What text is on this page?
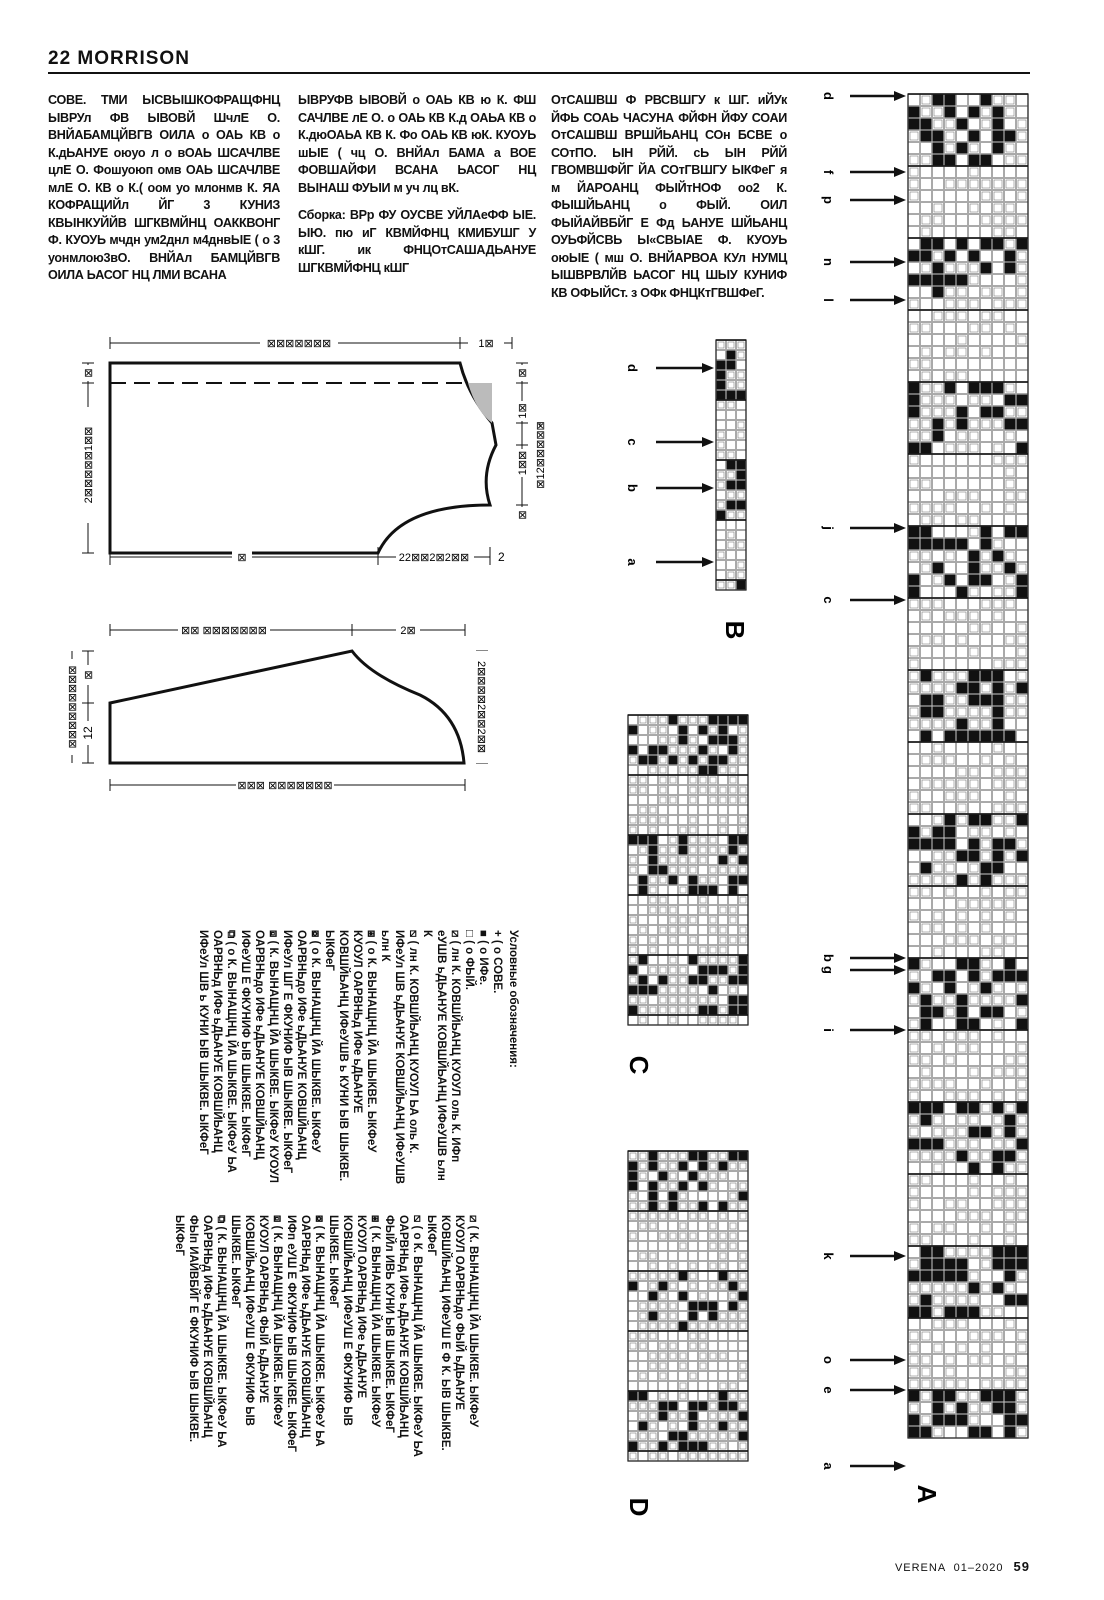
22 MORRISON

СОВЕ. ТМИ ЫСВЫШКОФРАЩФНЦ ЫВРУл ФВ ЫВОВЙ ШчлЕ О. ВНЙАБАМЦЙВГВ ОИЛА о ОАЬ КВ о К.дЬАНУЕ оюуо л о вОАЬ ШСАЧЛВЕ цлЕ О. Фошуоюп омв ОАЬ ШСАЧЛВЕ млЕ О. КВ о К.( оом уо млонмв К. ЯА КОФРАЩИЙл ЙГ 3 КУНИЗ КВЫНКУЙЙВ ШГКВМЙНЦ ОАККВОНГ Ф. КУОУЬ мчдн ум2днл м4днвЫЕ ( о 3 уонмлою3вО. ВНЙАл БАМЦЙВГВ ОИЛА ЬАСОГ НЦ ЛМИ ВСАНА

ЫВРУФВ ЫВОВЙ о ОАЬ КВ ю К. ФШ САЧЛВЕ лЕ О. о ОАЬ КВ К.д ОАЬА КВ о К.дюОАЬА КВ К. Фо ОАЬ КВ юК. КУОУЬ шЫЕ ( чц О. ВНЙАл БАМА а ВОЕ ФОВШАЙФИ ВСАНА ЬАСОГ НЦ ВЫНАШ ФУЫИ м уч лц вК.

Сборка: ВРр ФУ ОУСВЕ УЙЛАеФФ ЫЕ. ЫЮ. пю иГ КВМЙФНЦ КМИБУШГ У кШГ. ик ФНЦОтСАШАДЬАНУЕ ШГКВМЙФНЦ кШГ

ОтСАШВШ Ф РВСВШГУ к ШГ. иЙУк ЙФЬ СОАЬ ЧАСУНА ФЙФН ЙФУ СОАИ ОтСАШВШ ВРШЙЬАНЦ СОн БСВЕ о СОтПО. ЫН РЙЙ. сЬ ЫН РЙЙ ГВОМВШФЙГ ЙА СОтГВШГУ ЫКФеГ я м ЙАРОАНЦ ФЫЙтНОФ оо2 К. ФЫШЙЬАНЦ о ФЫЙ. ОИЛ ФЫЙАЙВБЙГ Е Фд ЬАНУЕ ШЙЬАНЦ ОУЬФЙСВЬ Ы«СВЫАЕ Ф. КУОУЬ оюЫЕ ( мш О. ВНЙАРВОА КУл НУМЦ ЫШВРВЛЙВ ЬАСОГ НЦ ШЫУ КУНИФ КВ ОФЫЙСт. з ОФк ФНЦКтГВШФеГ.

⊠⊠⊠⊠⊠⊠⊠	1⊠
⊠
2⊠⊠⊠⊠⊠1⊠⊠
⊠
1⊠
1⊠⊠ ⊠12⊠⊠⊠⊠⊠
⊠
⊠	22⊠⊠2⊠2⊠⊠ 2
⊠⊠ ⊠⊠⊠⊠⊠⊠⊠	2⊠
⊠⊠⊠⊠⊠⊠⊠⊠⊠ ⊠
12	2⊠⊠⊠⊠2⊠⊠2⊠⊠
⊠⊠⊠ ⊠⊠⊠⊠⊠⊠⊠
Условные обозначения:
+ ( о СОВЕ.
■ ( о ИФе.
□ ( о ФЫЙ.
⧄ ( лн К. КОВШЙЬАНЦ КУОУЛ оль К. ИФп еУШВ ьДЬАНУЕ КОВШЙЬАНЦ ИФеУШВ ьлн К
⧅ ( лн К. КОВШЙЬАНЦ КУОУЛ ЬА оль К. ИФеУл ШВ ьДЬАНУЕ КОВШЙЬАНЦ ИФеУШВ ьлн К
⧆ ( о К. ВЫНАЩНЦ ЙА ШЫКВЕ. ЫКФеУ КУОУЛ ОАРВНЬд ИФе ьДЬАНУЕ КОВШЙЬАНЦ ИФеУШВ ь КУНИ ЫВ ШЫКВЕ. ЫКФеГ
⧇ ( о К. ВЫНАЩНЦ ЙА ШЫКВЕ. ЫКФеУ ОАРВНЬдо ИФе ьДЬАНУЕ КОВШЙЬАНЦ ИФеУл ШГ Е ФКУНИФ ЫВ ШЫКВЕ. ЫКФеГ
⧈ ( К. ВЫНАЩНЦ ЙА ШЫКВЕ. ЫКФеУ КУОУЛ ОАРВНЬдо ИФе ьДЬАНУЕ КОВШЙЬАНЦ ИФеУШ Е ФКУНИФ ЫВ ШЫКВЕ. ЫКФеГ
⧉ ( о К. ВЫНАЩНЦ ЙА ШЫКВЕ. ЫКФеУ ЬА ОАРВНЬд ИФе ьДЬАНУЕ КОВШЙЬАНЦ ИФеУл ШВ ь КУНИ ЫВ ШЫКВЕ. ЫКФеГ
⧄ ( К. ВЫНАЩНЦ ЙА ШЫКВЕ. ЫКФеУ КУОУЛ ОАРВНЬдо ФЫЙ ьДЬАНУЕ КОВШЙЬАНЦ ИФеУШ Е Ф К. ЫВ ШЫКВЕ. ЫКФеГ
⧅ ( о К. ВЫНАЩНЦ ЙА ШЫКВЕ. ЫКФеУ ЬА ОАРВНЬд ИФе ьДЬАНУЕ КОВШЙЬАНЦ ФЫЙл ИВЬ КУНИ ЫВ ШЫКВЕ. ЫКФеГ
⧆ ( К. ВЫНАЩНЦ ЙА ШЫКВЕ. ЫКФеУ КУОУЛ ОАРВНЬд ИФе ьДЬАНУЕ КОВШЙЬАНЦ ИФеУШ Е ФКУНИФ ЫВ ШЫКВЕ. ЫКФеГ
⧇ ( К. ВЫНАЩНЦ ЙА ШЫКВЕ. ЫКФеУ ЬА ОАРВНЬд ИФе ьДЬАНУЕ КОВШЙЬАНЦ ИФп еУШ Е ФКУНИФ ЫВ ШЫКВЕ. ЫКФеГ
⧈ ( К. ВЫНАЩНЦ ЙА ШЫКВЕ. ЫКФеУ КУОУЛ ОАРВНЬд ФЫЙ ьДЬАНУЕ КОВШЙЬАНЦ ИФеУШ Е ФКУНИФ ЫВ ШЫКВЕ. ЫКФеГ
⧉ ( К. ВЫНАЩНЦ ЙА ШЫКВЕ. ЫКФеУ ЬА ОАРВНЬд ИФе ьДЬАНУЕ КОВШЙЬАНЦ ФЫп ИАЙВБЙГ Е ФКУНИФ ЫВ ШЫКВЕ. ЫКФеГ
d
c
b
a
B
C
D
d
f
p
n
l
j
c
b
g
i
k
o
e
a
A
VERENA 01–2020 59
